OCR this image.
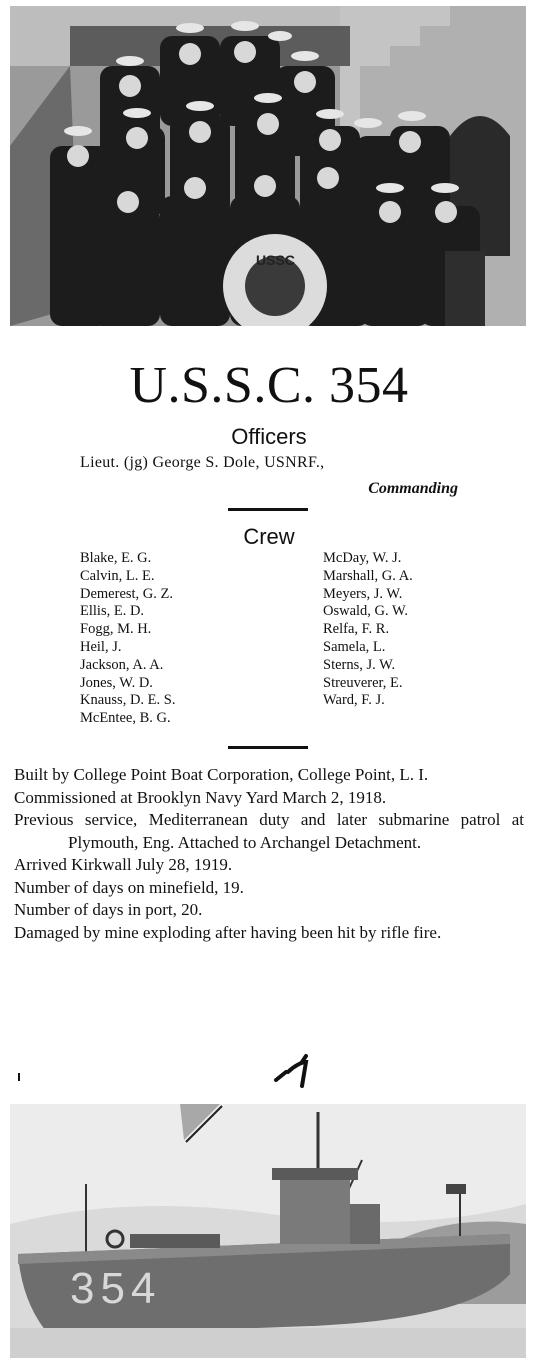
USSC
U.S.S.C. 354
Officers
Lieut. (jg) George S. Dole, USNRF.,
Commanding
Crew
Blake, E. G.
Calvin, L. E.
Demerest, G. Z.
Ellis, E. D.
Fogg, M. H.
Heil, J.
Jackson, A. A.
Jones, W. D.
Knauss, D. E. S.
McEntee, B. G.
McDay, W. J.
Marshall, G. A.
Meyers, J. W.
Oswald, G. W.
Relfa, F. R.
Samela, L.
Sterns, J. W.
Streuverer, E.
Ward, F. J.
Built by College Point Boat Corporation, College Point, L. I.
Commissioned at Brooklyn Navy Yard March 2, 1918.
Previous service, Mediterranean duty and later submarine patrol at Plymouth, Eng. Attached to Archangel Detachment.
Arrived Kirkwall July 28, 1919.
Number of days on minefield, 19.
Number of days in port, 20.
Damaged by mine exploding after having been hit by rifle fire.
354
